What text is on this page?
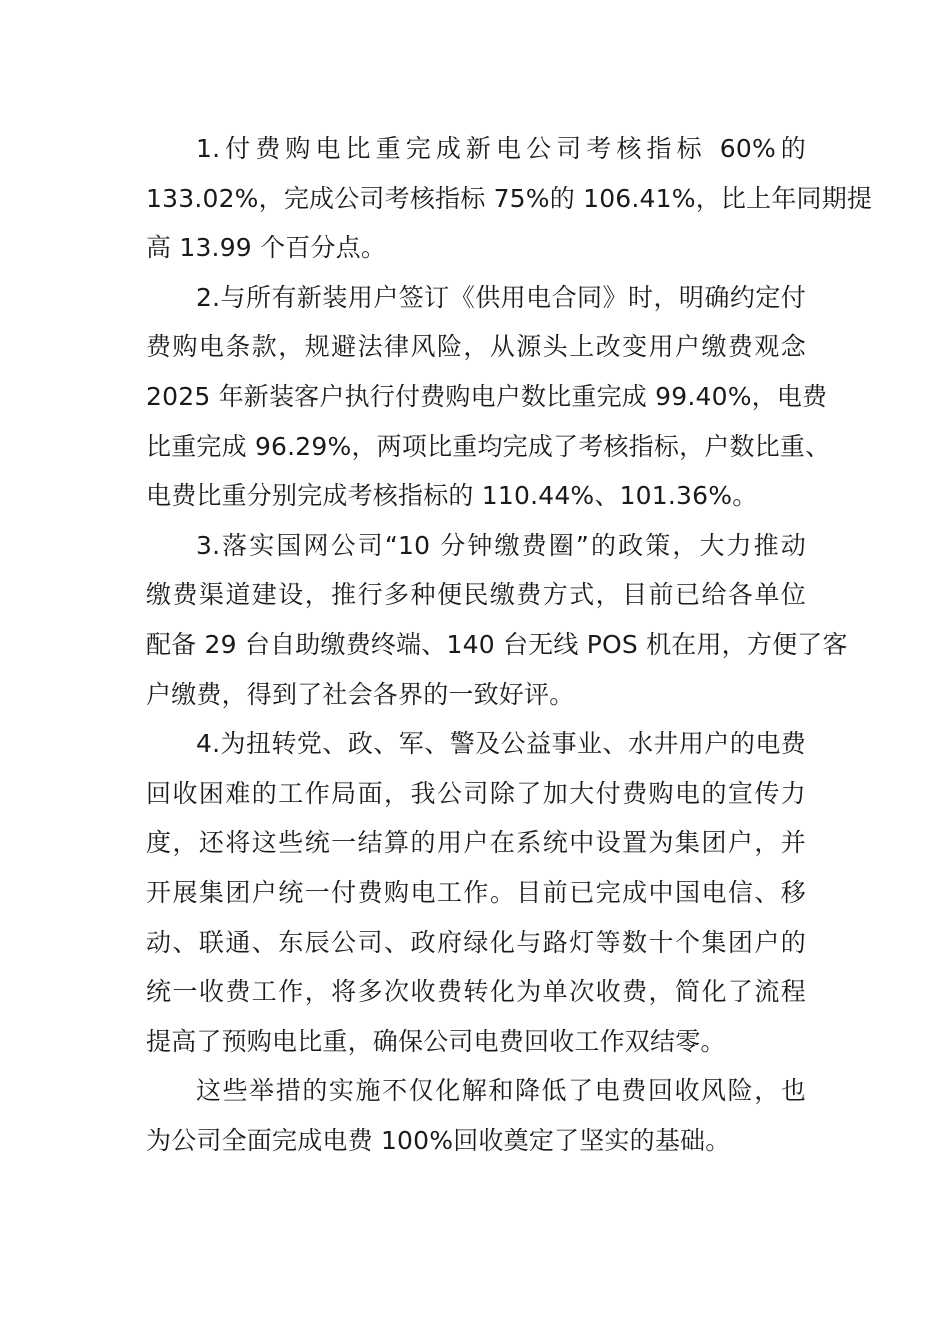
1.付费购电比重完成新电公司考核指标 60%的
133.02%，完成公司考核指标 75%的 106.41%，比上年同期提
高 13.99 个百分点。
2.与所有新装用户签订《供用电合同》时，明确约定付
费购电条款，规避法律风险，从源头上改变用户缴费观念
2025 年新装客户执行付费购电户数比重完成 99.40%，电费
比重完成 96.29%，两项比重均完成了考核指标，户数比重、
电费比重分别完成考核指标的 110.44%、101.36%。
3.落实国网公司“10 分钟缴费圈”的政策，大力推动
缴费渠道建设，推行多种便民缴费方式，目前已给各单位
配备 29 台自助缴费终端、140 台无线 POS 机在用，方便了客
户缴费，得到了社会各界的一致好评。
4.为扭转党、政、军、警及公益事业、水井用户的电费
回收困难的工作局面，我公司除了加大付费购电的宣传力
度，还将这些统一结算的用户在系统中设置为集团户，并
开展集团户统一付费购电工作。目前已完成中国电信、移
动、联通、东辰公司、政府绿化与路灯等数十个集团户的
统一收费工作，将多次收费转化为单次收费，简化了流程
提高了预购电比重，确保公司电费回收工作双结零。
这些举措的实施不仅化解和降低了电费回收风险，也
为公司全面完成电费 100%回收奠定了坚实的基础。
